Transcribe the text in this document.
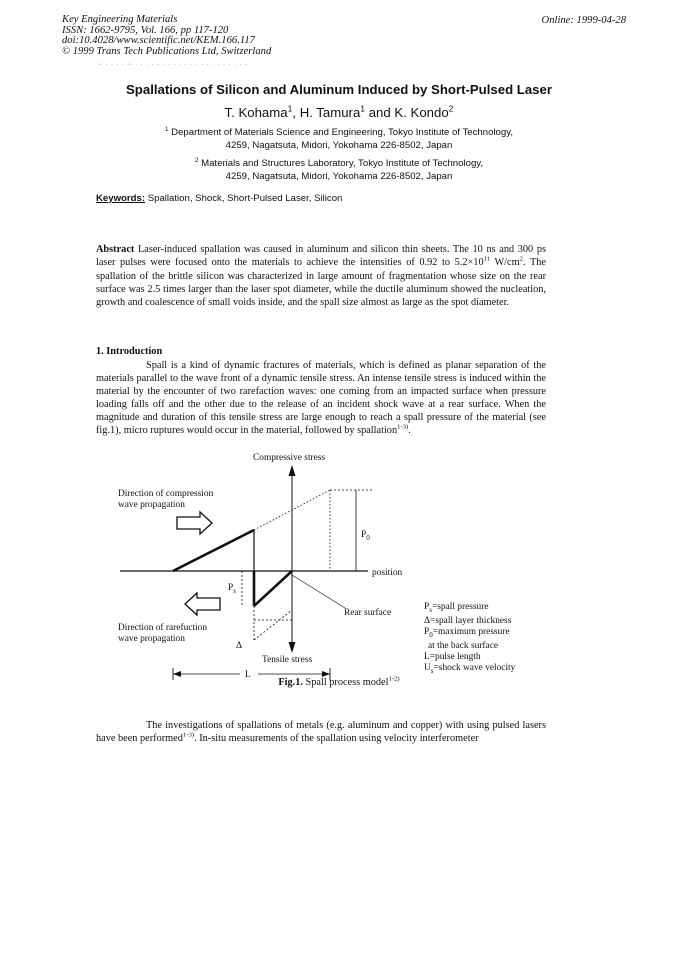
Key Engineering Materials
ISSN: 1662-9795, Vol. 166, pp 117-120
doi:10.4028/www.scientific.net/KEM.166.117
© 1999 Trans Tech Publications Ltd, Switzerland
Online: 1999-04-28
~ · · · · ~ · · · · · · · · · · · · · · · · · · · · ·
Spallations of Silicon and Aluminum Induced by Short-Pulsed Laser
T. Kohama$^1$, H. Tamura$^1$ and K. Kondo$^2$
$^1$ Department of Materials Science and Engineering, Tokyo Institute of Technology,
4259, Nagatsuta, Midori, Yokohama 226-8502, Japan
$^2$ Materials and Structures Laboratory, Tokyo Institute of Technology,
4259, Nagatsuta, Midori, Yokohama 226-8502, Japan
Keywords: Spallation, Shock, Short-Pulsed Laser, Silicon
Abstract Laser-induced spallation was caused in aluminum and silicon thin sheets. The 10 ns and 300 ps laser pulses were focused onto the materials to achieve the intensities of 0.92 to $5.2\times 10^{11}$ $W/cm^2$. The spallation of the brittle silicon was characterized in large amount of fragmentation whose size on the rear surface was 2.5 times larger than the laser spot diameter, while the ductile aluminum showed the nucleation, growth and coalescence of small voids inside, and the spall size almost as large as the spot diameter.
1. Introduction
Spall is a kind of dynamic fractures of materials, which is defined as planar separation of the materials parallel to the wave front of a dynamic tensile stress. An intense tensile stress is induced within the material by the encounter of two rarefaction waves: one coming from an impacted surface when pressure loading falls off and the other due to the release of an incident shock wave at a rear surface. When the magnitude and duration of this tensile stress are large enough to reach a spall pressure of the material (see fig.1), micro ruptures would occur in the material, followed by spallation$^{1-3)}$.
$P_0$
$P_s$
Rear surface
Compressive stress
position
Tensile stress
Direction of compression
wave propagation
Direction of rarefuction
wave propagation
Δ
L
$P_s=spall$ pressure
Δ=spall layer thickness
$P_0=maximum$ pressure
at the back surface
L=pulse length
$U_s=shock$ wave velocity
Fig.1. Spall process model$^{1-2)}$
The investigations of spallations of metals (e.g. aluminum and copper) with using pulsed lasers have been performed$^{1-3)}$. In-situ measurements of the spallation using velocity interferometer
